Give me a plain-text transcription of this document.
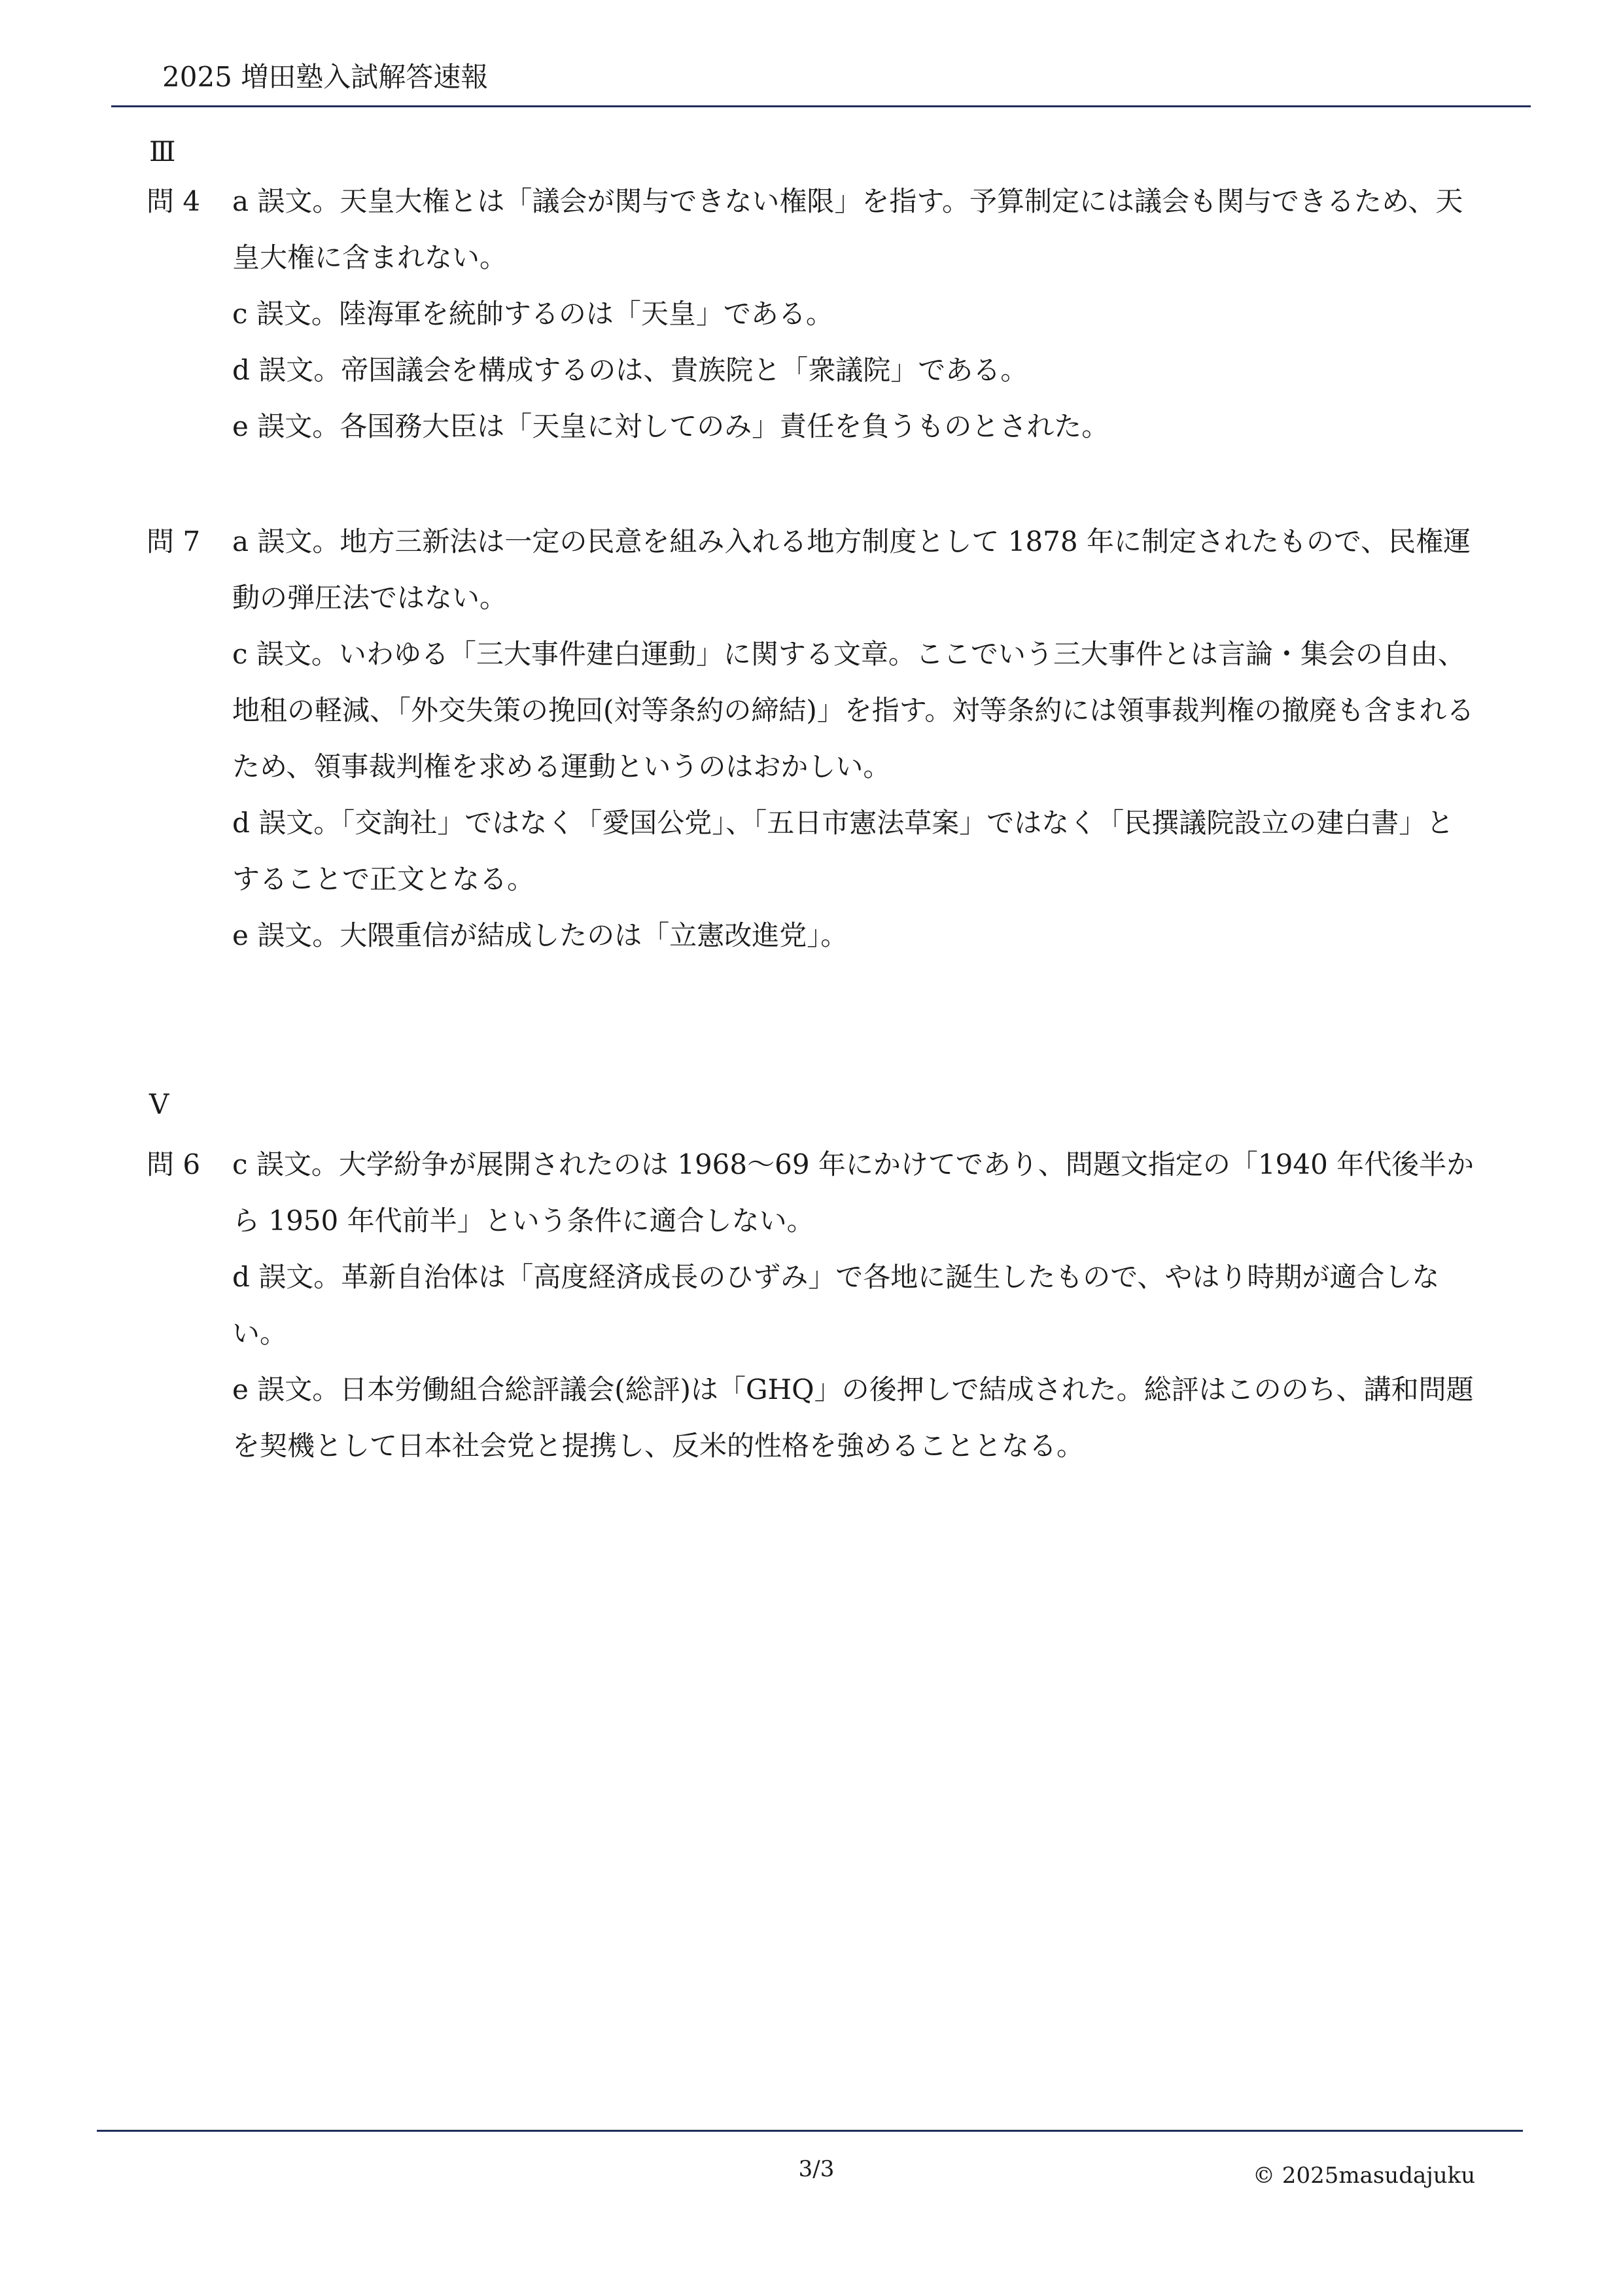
2025 増田塾入試解答速報
Ⅲ
問 4 a 誤文。天皇大権とは「議会が関与できない権限」を指す。予算制定には議会も関与できるため、天皇大権に含まれない。

c 誤文。陸海軍を統帥するのは「天皇」である。

d 誤文。帝国議会を構成するのは、貴族院と「衆議院」である。

e 誤文。各国務大臣は「天皇に対してのみ」責任を負うものとされた。

問 7 a 誤文。地方三新法は一定の民意を組み入れる地方制度として 1878 年に制定されたもので、民権運動の弾圧法ではない。

c 誤文。いわゆる「三大事件建白運動」に関する文章。ここでいう三大事件とは言論・集会の自由、地租の軽減、「外交失策の挽回(対等条約の締結)」を指す。対等条約には領事裁判権の撤廃も含まれるため、領事裁判権を求める運動というのはおかしい。

d 誤文。「交詢社」ではなく「愛国公党」、「五日市憲法草案」ではなく「民撰議院設立の建白書」とすることで正文となる。

e 誤文。大隈重信が結成したのは「立憲改進党」。

Ⅴ
問 6 c 誤文。大学紛争が展開されたのは 1968～69 年にかけてであり、問題文指定の「1940 年代後半から 1950 年代前半」という条件に適合しない。

d 誤文。革新自治体は「高度経済成長のひずみ」で各地に誕生したもので、やはり時期が適合しない。

e 誤文。日本労働組合総評議会(総評)は「GHQ」の後押しで結成された。総評はこののち、講和問題を契機として日本社会党と提携し、反米的性格を強めることとなる。

3/3	© 2025masudajuku
